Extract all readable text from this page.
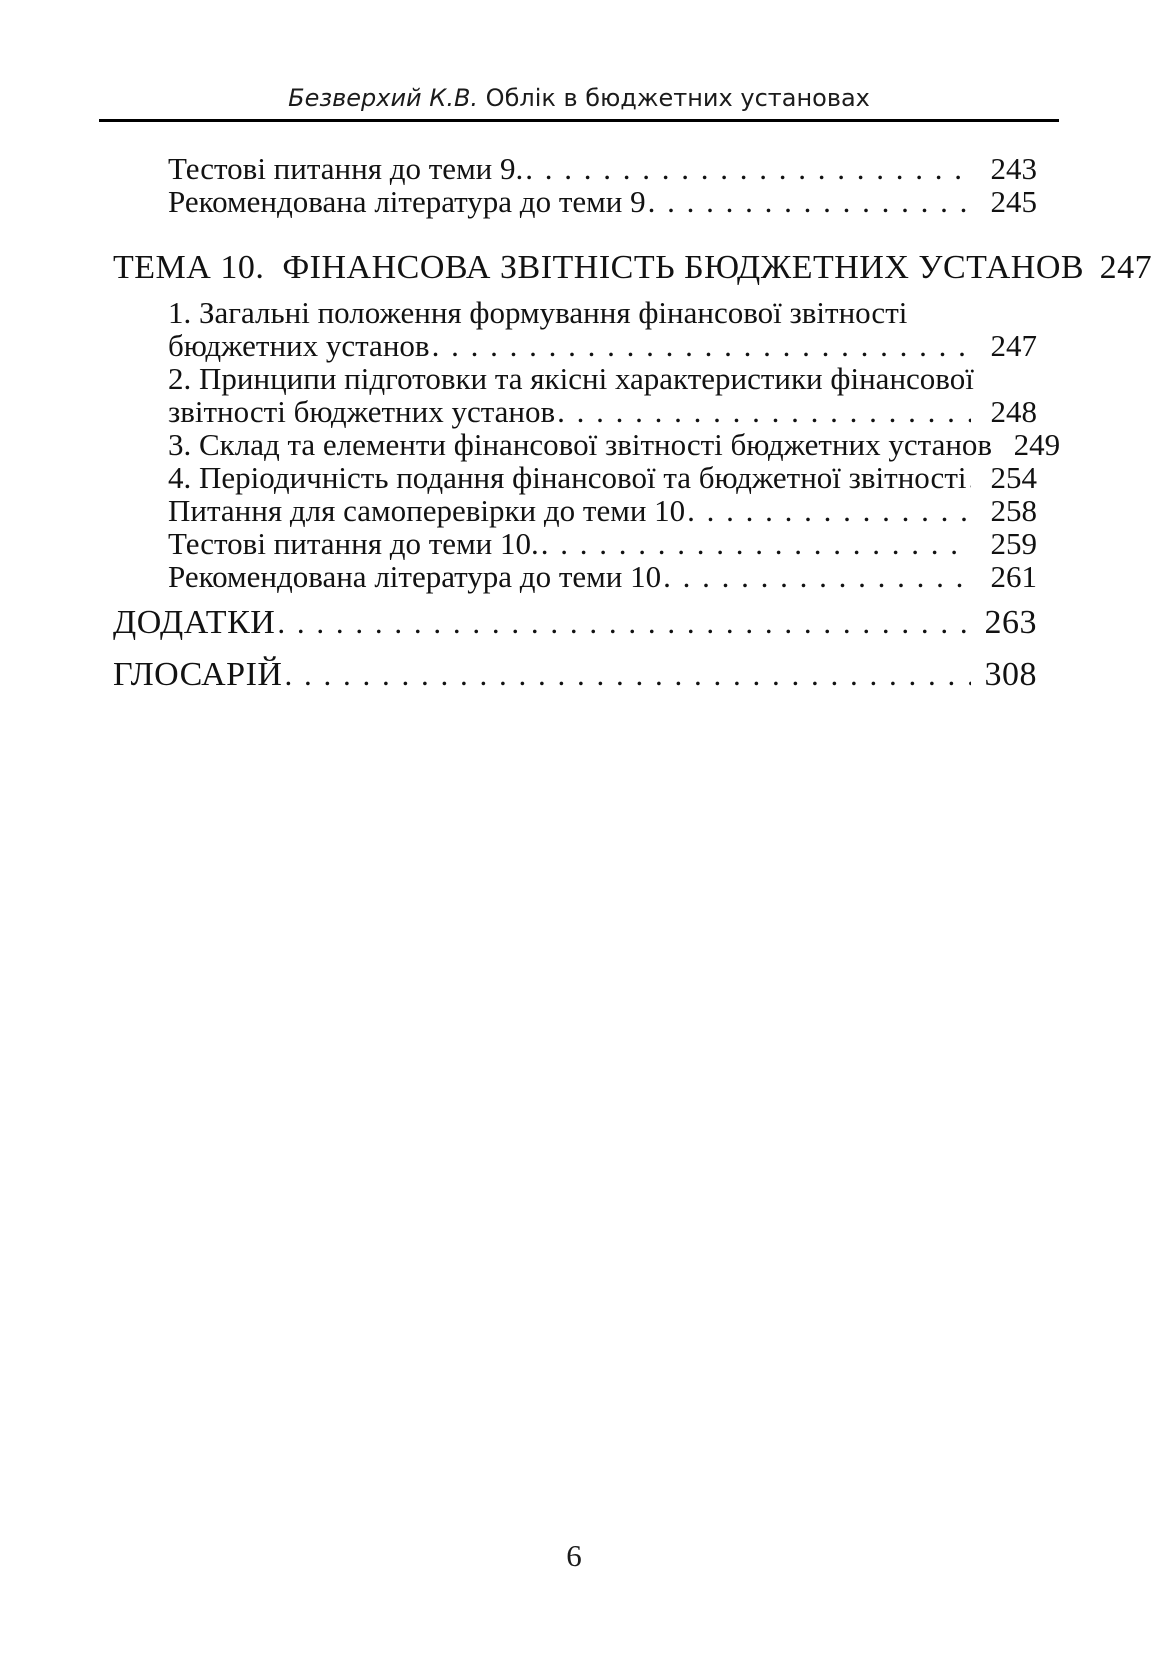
Безверхий К.В. Облік в бюджетних установах
Тестові питання до теми 9. . . .	243
Рекомендована література до теми 9 . . .	245
ТЕМА 10.  ФІНАНСОВА ЗВІТНІСТЬ БЮДЖЕТНИХ УСТАНОВ 247
1. Загальні положення формування фінансової звітності
бюджетних установ . . .	247
2. Принципи підготовки та якісні характеристики фінансової
звітності бюджетних установ . . .	248
3. Склад та елементи фінансової звітності бюджетних установ 249
4. Періодичність подання фінансової та бюджетної звітності . . . 254
Питання для самоперевірки до теми 10 . . .	258
Тестові питання до теми 10. . . .	259
Рекомендована література до теми 10 . . .	261
ДОДАТКИ . . .	263
ГЛОСАРІЙ . . .	308
6
